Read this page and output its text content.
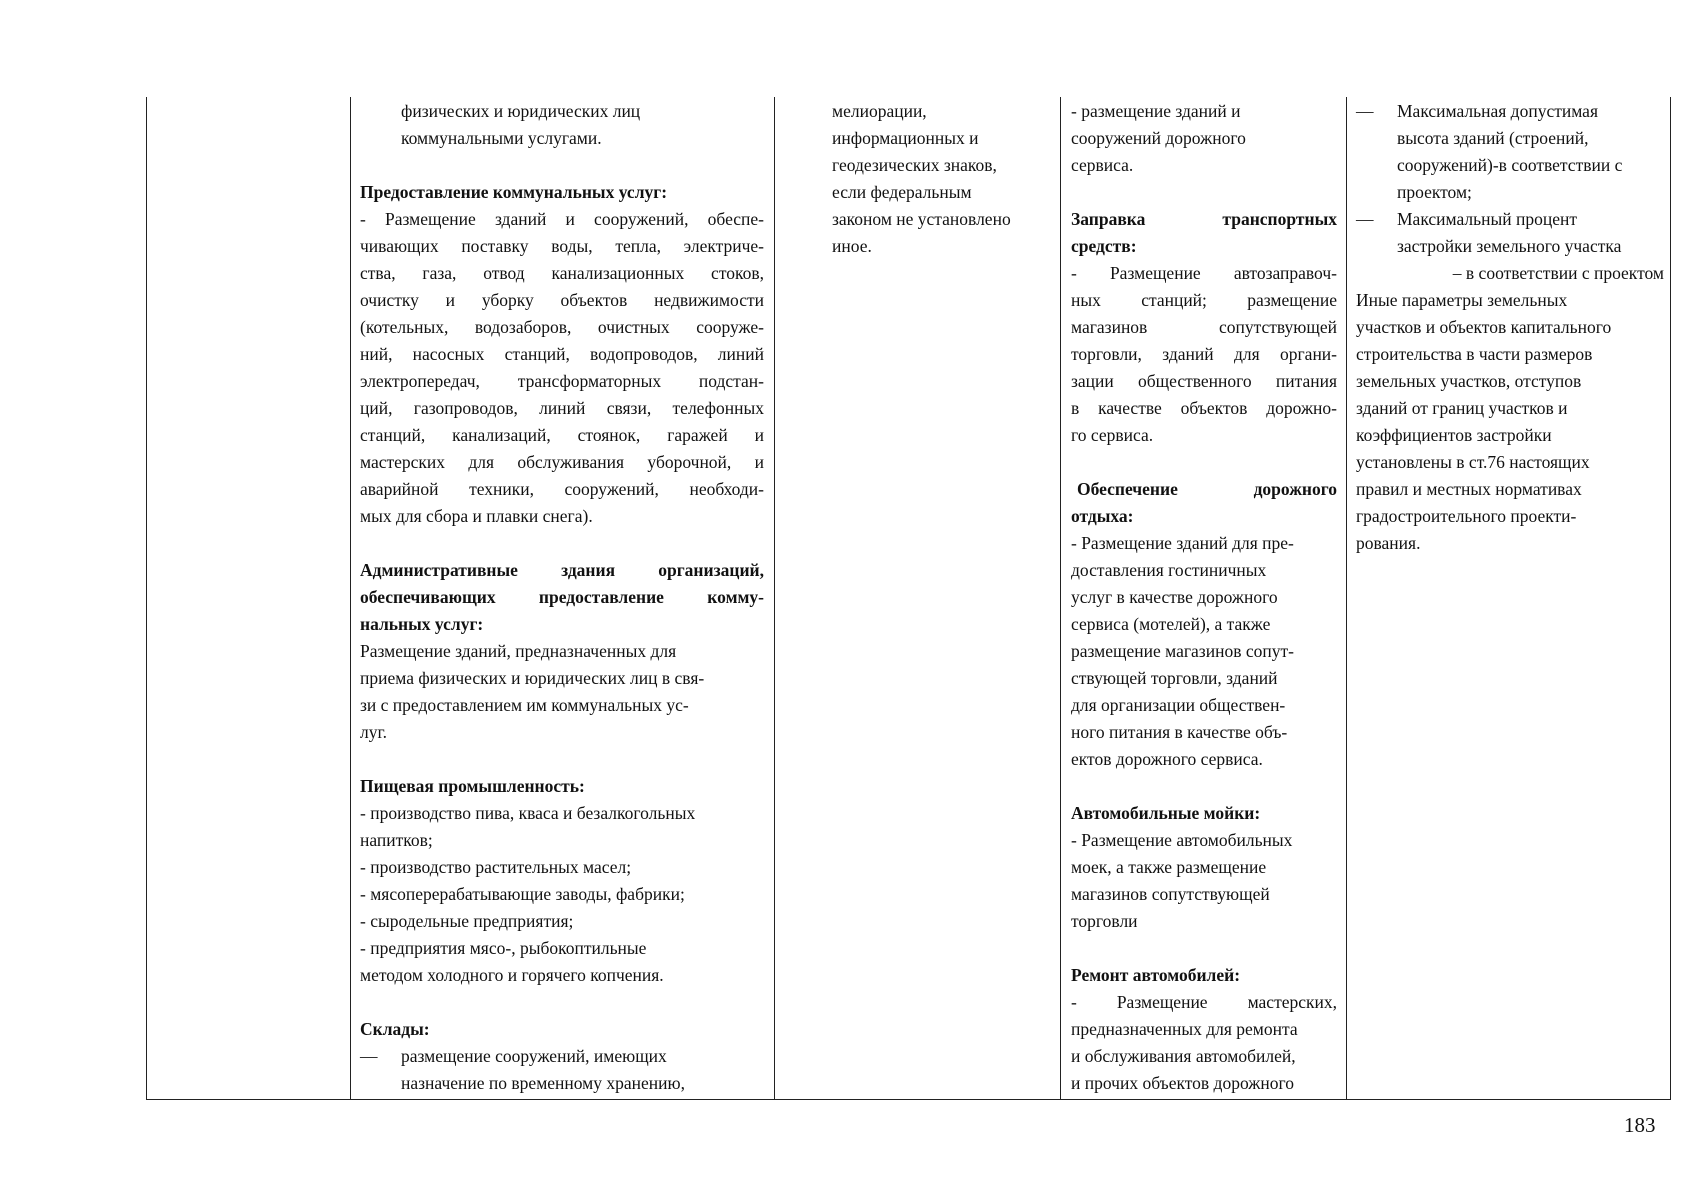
физических и юридических лиц

коммунальными услугами.

Предоставление коммунальных услуг:

- Размещение зданий и сооружений, обеспе-

чивающих поставку воды, тепла, электриче-

ства, газа, отвод канализационных стоков,

очистку и уборку объектов недвижимости

(котельных, водозаборов, очистных сооруже-

ний, насосных станций, водопроводов, линий

электропередач, трансформаторных подстан-

ций, газопроводов, линий связи, телефонных

станций, канализаций, стоянок, гаражей и

мастерских для обслуживания уборочной, и

аварийной техники, сооружений, необходи-

мых для сбора и плавки снега).

Административные здания организаций,

обеспечивающих предоставление комму-

нальных услуг:

Размещение зданий, предназначенных для

приема физических и юридических лиц в свя-

зи с предоставлением им коммунальных ус-

луг.

Пищевая промышленность:

- производство пива, кваса и безалкогольных

напитков;

- производство растительных масел;

- мясоперерабатывающие заводы, фабрики;

- сыродельные предприятия;

- предприятия мясо-, рыбокоптильные

методом холодного и горячего копчения.

Склады:

— размещение сооружений, имеющих

назначение по временному хранению,

мелиорации,

информационных и

геодезических знаков,

если федеральным

законом не установлено

иное.

- размещение зданий и

сооружений дорожного

сервиса.

Заправка транспортных

средств:

- Размещение автозаправоч-

ных станций; размещение

магазинов сопутствующей

торговли, зданий для органи-

зации общественного питания

в качестве объектов дорожно-

го сервиса.

Обеспечение дорожного

отдыха:

- Размещение зданий для пре-

доставления гостиничных

услуг в качестве дорожного

сервиса (мотелей), а также

размещение магазинов сопут-

ствующей торговли, зданий

для организации обществен-

ного питания в качестве объ-

ектов дорожного сервиса.

Автомобильные мойки:

- Размещение автомобильных

моек, а также размещение

магазинов сопутствующей

торговли

Ремонт автомобилей:

- Размещение мастерских,

предназначенных для ремонта

и обслуживания автомобилей,

и прочих объектов дорожного

— Максимальная допустимая

высота зданий (строений,

сооружений)-в соответствии с

проектом;

— Максимальный процент

застройки земельного участка

– в соответствии с проектом

Иные параметры земельных

участков и объектов капитального

строительства в части размеров

земельных участков, отступов

зданий от границ участков и

коэффициентов застройки

установлены в ст.76 настоящих

правил и местных нормативах

градостроительного проекти-

рования.

183
